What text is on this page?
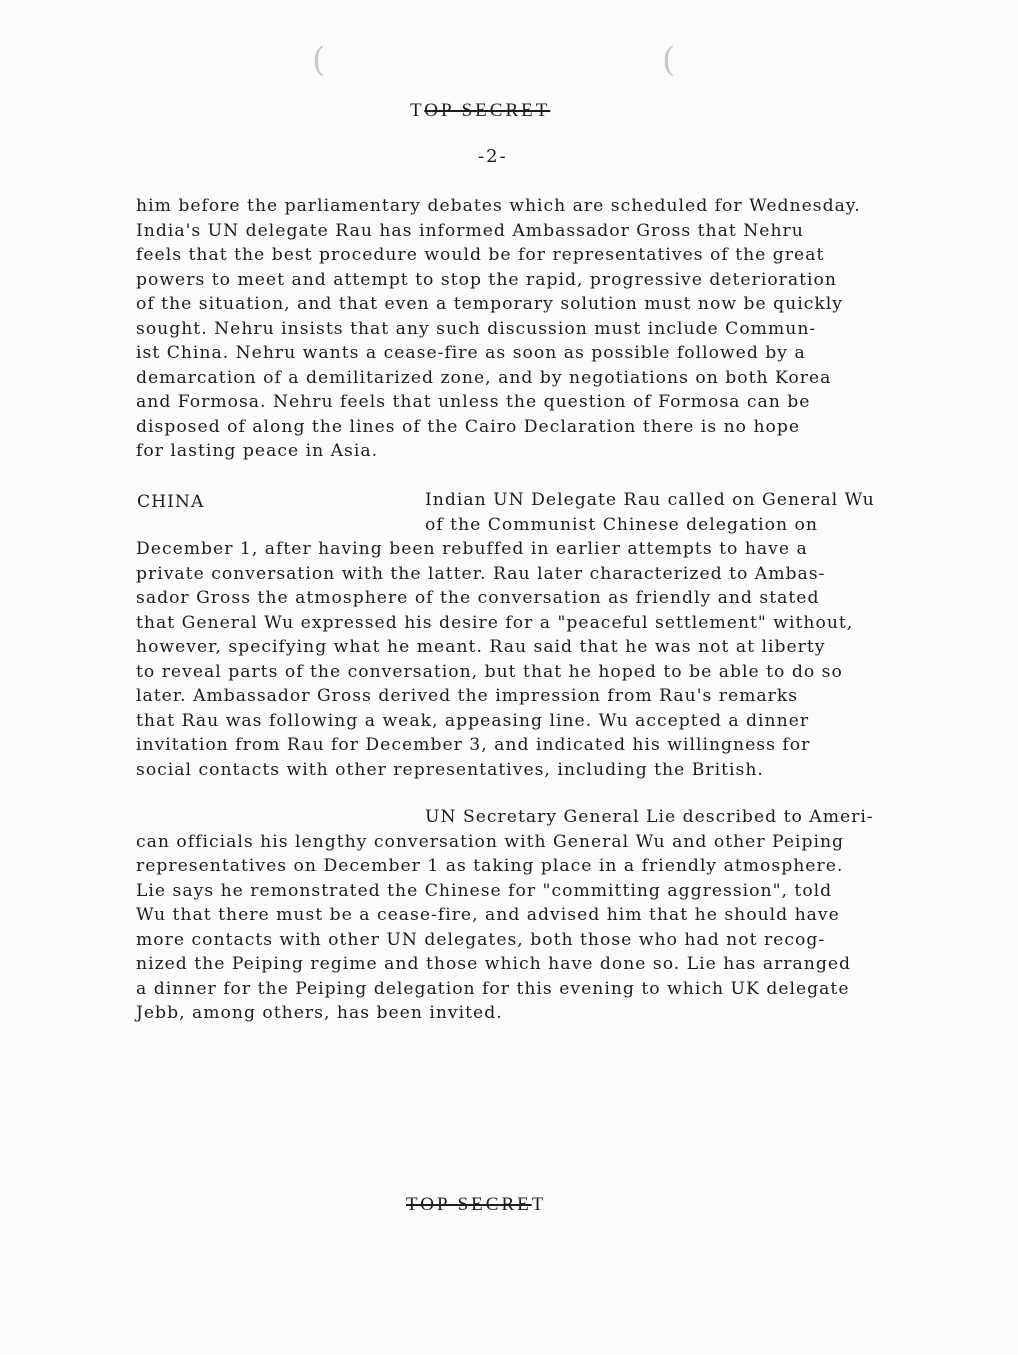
(	(
TOP SECRET
-2-

him before the parliamentary debates which are scheduled for Wednesday.
India's UN delegate Rau has informed Ambassador Gross that Nehru
feels that the best procedure would be for representatives of the great
powers to meet and attempt to stop the rapid, progressive deterioration
of the situation, and that even a temporary solution must now be quickly
sought. Nehru insists that any such discussion must include Commun-
ist China. Nehru wants a cease-fire as soon as possible followed by a
demarcation of a demilitarized zone, and by negotiations on both Korea
and Formosa. Nehru feels that unless the question of Formosa can be
disposed of along the lines of the Cairo Declaration there is no hope
for lasting peace in Asia.

CHINA	Indian UN Delegate Rau called on General Wu
of the Communist Chinese delegation on
December 1, after having been rebuffed in earlier attempts to have a
private conversation with the latter. Rau later characterized to Ambas-
sador Gross the atmosphere of the conversation as friendly and stated
that General Wu expressed his desire for a "peaceful settlement" without,
however, specifying what he meant. Rau said that he was not at liberty
to reveal parts of the conversation, but that he hoped to be able to do so
later. Ambassador Gross derived the impression from Rau's remarks
that Rau was following a weak, appeasing line. Wu accepted a dinner
invitation from Rau for December 3, and indicated his willingness for
social contacts with other representatives, including the British.

UN Secretary General Lie described to Ameri-
can officials his lengthy conversation with General Wu and other Peiping
representatives on December 1 as taking place in a friendly atmosphere.
Lie says he remonstrated the Chinese for "committing aggression", told
Wu that there must be a cease-fire, and advised him that he should have
more contacts with other UN delegates, both those who had not recog-
nized the Peiping regime and those which have done so. Lie has arranged
a dinner for the Peiping delegation for this evening to which UK delegate
Jebb, among others, has been invited.

TOP SECRET
